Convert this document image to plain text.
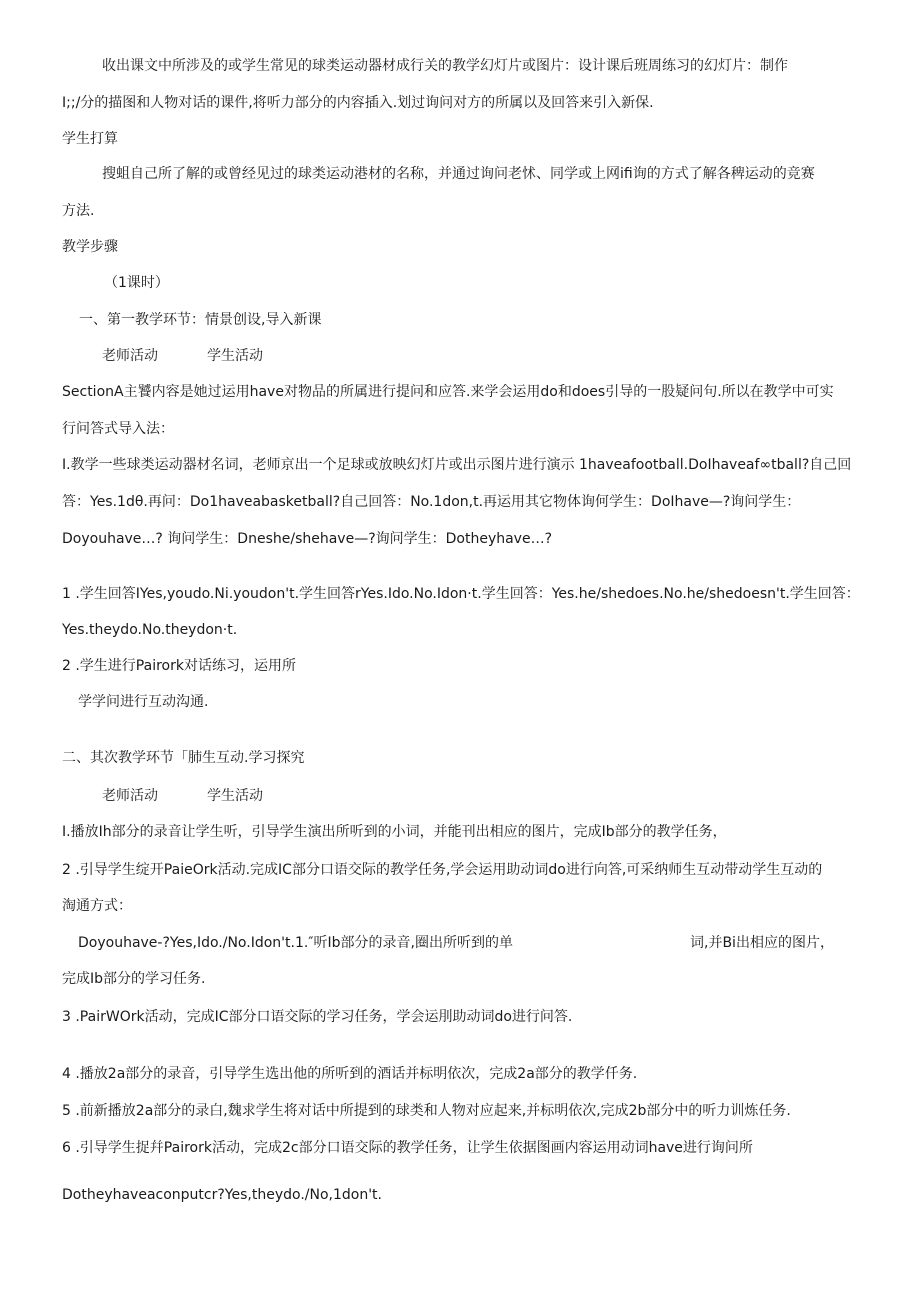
收出课文中所涉及的或学生常见的球类运动器材成行关的教学幻灯片或图片：设计课后班周练习的幻灯片：制作
I;;/分的描图和人物对话的课件,将听力部分的内容插入.划过询问对方的所属以及回答来引入新保.
学生打算
搜蛆自己所了解的或曾经见过的球类运动港材的名称，并通过询问老怵、同学或上网ifi询的方式了解各稗运动的竞赛
方法.
教学步骤
（1课时）
一、第一教学环节：情景创设,导入新课
老师活动	学生活动
SectionA主饕内容是她过运用have对物品的所属进行提问和应答.来学会运用do和does引导的一股疑问句.所以在教学中可实
行问答式导入法：
I.教学一些球类运动器材名词，老师京出一个足球或放映幻灯片或出示图片进行演示 1haveafootball.DoIhaveaf∞tball?自己回
答：Yes.1dθ.再问：Do1haveabasketball?自己回答：No.1don,t.再运用其它物体询何学生：DoIhave—?询问学生：
Doyouhave…? 询问学生：Dneshe/shehave—?询问学生：Dotheyhave…?
1 .学生回答IYes,youdo.Ni.youdon't.学生回答rYes.Ido.No.Idon·t.学生回答：Yes.he/shedoes.No.he/shedoesn't.学生回答：
Yes.theydo.No.theydon·t.
2 .学生进行Pairork对话练习，运用所
学学问进行互动沟通.
二、其次教学环节「肺生互动.学习探究
老师活动	学生活动
I.播放Ih部分的录音让学生听，引导学生演出所听到的小词，并能刊出相应的图片，完成Ib部分的教学任务，
2 .引导学生绽开PaieOrk活动.完成IC部分口语交际的教学任务,学会运用助动词do进行向答,可采纳师生互动带动学生互动的
淘通方式：
Doyouhave-?Yes,Ido./No.Idon't.1.″听Ib部分的录音,圈出所听到的单	词,并Bi出相应的图片，
完成Ib部分的学习任务.
3 .PairWOrk活动，完成IC部分口语交际的学习任务，学会运刖助动词do进行问答.
4 .播放2a部分的录音，引导学生选出他的所听到的酒话并标明依次，完成2a部分的教学仟务.
5 .前新播放2a部分的录白,魏求学生将对话中所提到的球类和人物对应起来,并标明依次,完成2b部分中的听力训炼任务.
6 .引导学生捉幷Pairork活动，完成2c部分口语交际的教学任务，让学生依据图画内容运用动词have进行询问所
Dotheyhaveaconputcr?Yes,theydo./No,1don't.
